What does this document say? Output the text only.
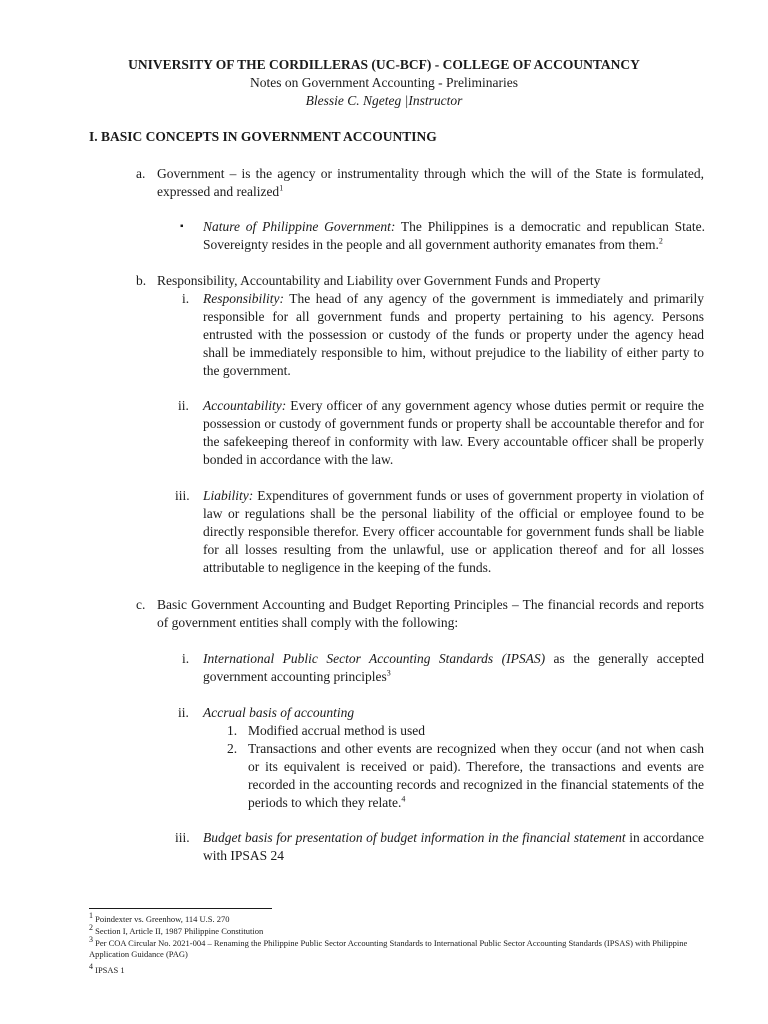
UNIVERSITY OF THE CORDILLERAS (UC-BCF) - COLLEGE OF ACCOUNTANCY
Notes on Government Accounting - Preliminaries
Blessie C. Ngeteg |Instructor
I. BASIC CONCEPTS IN GOVERNMENT ACCOUNTING
a. Government – is the agency or instrumentality through which the will of the State is formulated, expressed and realized$^1$
▪ Nature of Philippine Government: The Philippines is a democratic and republican State. Sovereignty resides in the people and all government authority emanates from them.$^2$
b. Responsibility, Accountability and Liability over Government Funds and Property
i. Responsibility: The head of any agency of the government is immediately and primarily responsible for all government funds and property pertaining to his agency. Persons entrusted with the possession or custody of the funds or property under the agency head shall be immediately responsible to him, without prejudice to the liability of either party to the government.
ii. Accountability: Every officer of any government agency whose duties permit or require the possession or custody of government funds or property shall be accountable therefor and for the safekeeping thereof in conformity with law. Every accountable officer shall be properly bonded in accordance with the law.
iii. Liability: Expenditures of government funds or uses of government property in violation of law or regulations shall be the personal liability of the official or employee found to be directly responsible therefor. Every officer accountable for government funds shall be liable for all losses resulting from the unlawful, use or application thereof and for all losses attributable to negligence in the keeping of the funds.
c. Basic Government Accounting and Budget Reporting Principles – The financial records and reports of government entities shall comply with the following:
i. International Public Sector Accounting Standards (IPSAS) as the generally accepted government accounting principles$^3$
ii. Accrual basis of accounting
1. Modified accrual method is used
2. Transactions and other events are recognized when they occur (and not when cash or its equivalent is received or paid). Therefore, the transactions and events are recorded in the accounting records and recognized in the financial statements of the periods to which they relate.$^4$
iii. Budget basis for presentation of budget information in the financial statement in accordance with IPSAS 24
$^1$ Poindexter vs. Greenhow, 114 U.S. 270
$^2$ Section I, Article II, 1987 Philippine Constitution
$^3$ Per COA Circular No. 2021-004 – Renaming the Philippine Public Sector Accounting Standards to International Public Sector Accounting Standards (IPSAS) with Philippine Application Guidance (PAG)
$^4$ IPSAS 1
